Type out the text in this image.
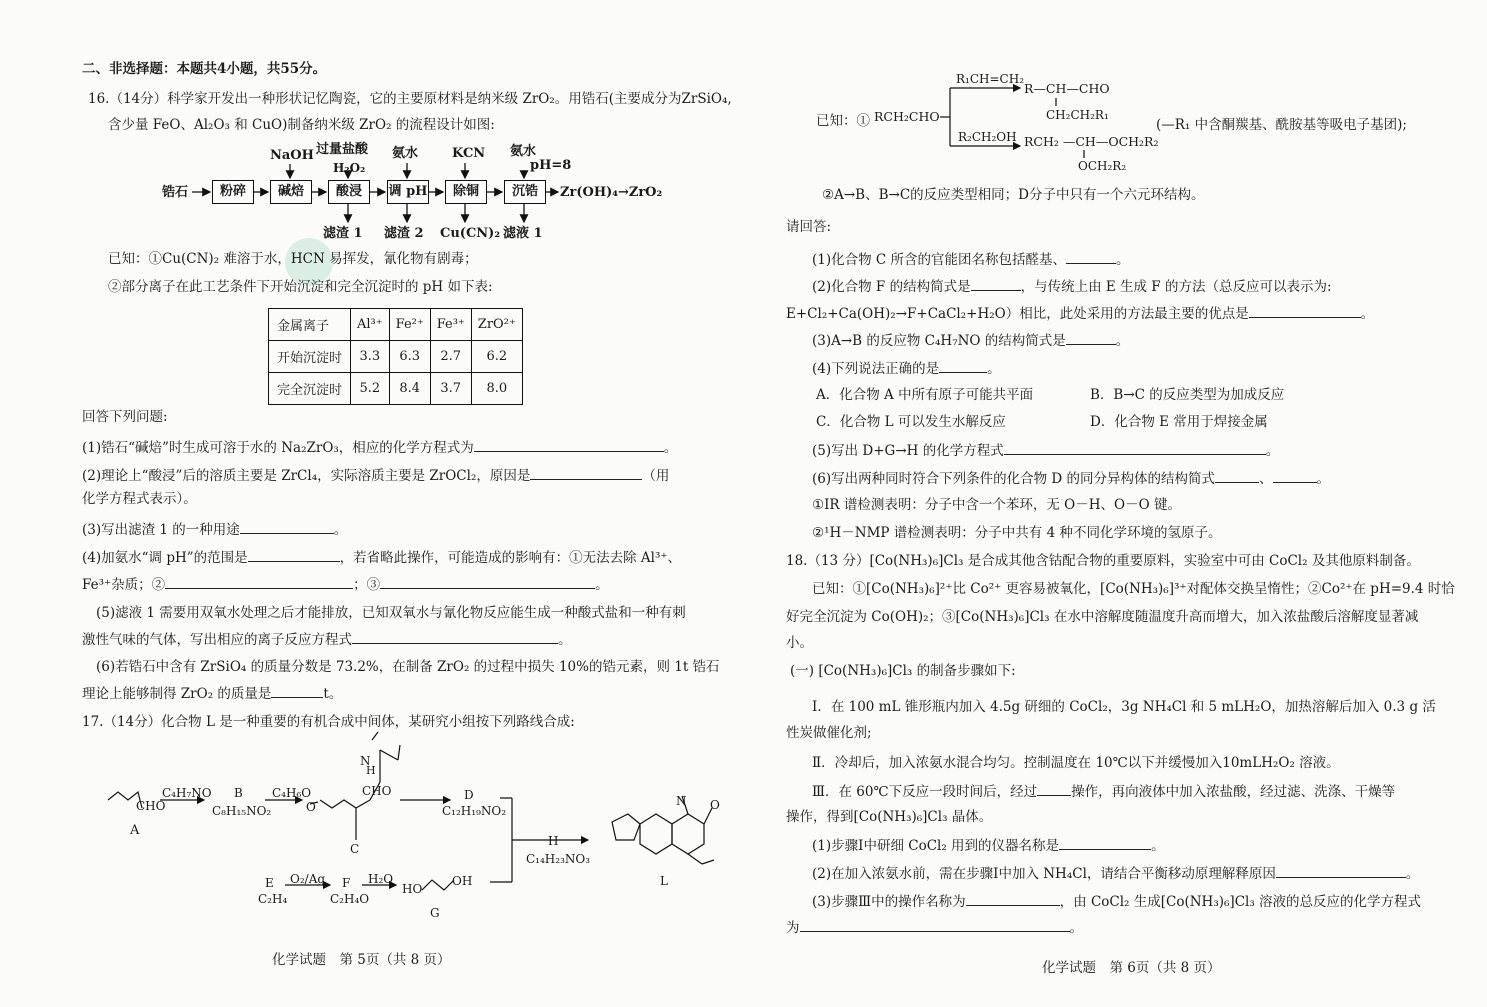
二、非选择题：本题共4小题，共55分。
16.（14分）科学家开发出一种形状记忆陶瓷，它的主要原材料是纳米级 ZrO₂。用锆石(主要成分为ZrSiO₄,
含少量 FeO、Al₂O₃ 和 CuO)制备纳米级 ZrO₂ 的流程设计如图:
锆石	粉碎	碱焙	酸浸	调 pH	除铜	沉锆	Zr(OH)₄→ZrO₂
NaOH 过量盐酸
H₂O₂
氨水	KCN 氨水
pH=8
滤渣 1 滤渣 2 Cu(CN)₂ 滤液 1
已知：①Cu(CN)₂ 难溶于水，HCN 易挥发，氰化物有剧毒；
②部分离子在此工艺条件下开始沉淀和完全沉淀时的 pH 如下表:
金属离子	Al³⁺	Fe²⁺	Fe³⁺	ZrO²⁺
开始沉淀时	3.3	6.3	2.7	6.2
完全沉淀时	5.2	8.4	3.7	8.0
回答下列问题:
(1)锆石“碱焙”时生成可溶于水的 Na₂ZrO₃，相应的化学方程式为	。
(2)理论上“酸浸”后的溶质主要是 ZrCl₄，实际溶质主要是 ZrOCl₂，原因是	（用
化学方程式表示）。
(3)写出滤渣 1 的一种用途	。
(4)加氨水“调 pH”的范围是	，若省略此操作，可能造成的影响有：①无法去除 Al³⁺、
Fe³⁺杂质；②	；③	。
(5)滤液 1 需要用双氧水处理之后才能排放，已知双氧水与氰化物反应能生成一种酸式盐和一种有刺
激性气味的气体，写出相应的离子反应方程式	。
(6)若锆石中含有 ZrSiO₄ 的质量分数是 73.2%，在制备 ZrO₂ 的过程中损失 10%的锆元素，则 1t 锆石
理论上能够制得 ZrO₂ 的质量是	t。
17.（14分）化合物 L 是一种重要的有机合成中间体，某研究小组按下列路线合成:
A
CHO
C₄H₇NO B
C₈H₁₅NO₂
C₄H₆O
O
CHO
N
H
C
D
C₁₂H₁₉NO₂
H
C₁₄H₂₃NO₃
N O
L
E
C₂H₄
O₂/Ag F
C₂H₄O
H₂O
HO
OH
G
化学试题　第 5页（共 8 页）
已知：① RCH₂CHO
R₁CH=CH₂
R—CH—CHO
CH₂CH₂R₁
R₂CH₂OH RCH₂ —CH—OCH₂R₂
OCH₂R₂
(—R₁ 中含酮羰基、酰胺基等吸电子基团);
②A→B、B→C的反应类型相同；D分子中只有一个六元环结构。
请回答:
(1)化合物 C 所含的官能团名称包括醛基、	。
(2)化合物 F 的结构简式是	，与传统上由 E 生成 F 的方法（总反应可以表示为:
E+Cl₂+Ca(OH)₂→F+CaCl₂+H₂O）相比，此处采用的方法最主要的优点是	。
(3)A→B 的反应物 C₄H₇NO 的结构简式是	。
(4)下列说法正确的是	。
A．化合物 A 中所有原子可能共平面	B．B→C 的反应类型为加成反应
C．化合物 L 可以发生水解反应	D．化合物 E 常用于焊接金属
(5)写出 D+G→H 的化学方程式	。
(6)写出两种同时符合下列条件的化合物 D 的同分异构体的结构简式	、	。
①IR 谱检测表明：分子中含一个苯环，无 O－H、O－O 键。
②¹H－NMP 谱检测表明：分子中共有 4 种不同化学环境的氢原子。
18.（13 分）[Co(NH₃)₆]Cl₃ 是合成其他含钴配合物的重要原料，实验室中可由 CoCl₂ 及其他原料制备。
已知：①[Co(NH₃)₆]²⁺比 Co²⁺ 更容易被氧化，[Co(NH₃)₆]³⁺对配体交换呈惰性；②Co²⁺在 pH=9.4 时恰
好完全沉淀为 Co(OH)₂；③[Co(NH₃)₆]Cl₃ 在水中溶解度随温度升高而增大，加入浓盐酸后溶解度显著减
小。
(一) [Co(NH₃)₆]Cl₃ 的制备步骤如下:
Ⅰ．在 100 mL 锥形瓶内加入 4.5g 研细的 CoCl₂，3g NH₄Cl 和 5 mLH₂O，加热溶解后加入 0.3 g 活
性炭做催化剂;
Ⅱ．冷却后，加入浓氨水混合均匀。控制温度在 10℃以下并缓慢加入10mLH₂O₂ 溶液。
Ⅲ．在 60℃下反应一段时间后，经过	操作，再向液体中加入浓盐酸，经过滤、洗涤、干燥等
操作，得到[Co(NH₃)₆]Cl₃ 晶体。
(1)步骤Ⅰ中研细 CoCl₂ 用到的仪器名称是	。
(2)在加入浓氨水前，需在步骤Ⅰ中加入 NH₄Cl，请结合平衡移动原理解释原因	。
(3)步骤Ⅲ中的操作名称为	，由 CoCl₂ 生成[Co(NH₃)₆]Cl₃ 溶液的总反应的化学方程式
为	。
化学试题　第 6页（共 8 页）
